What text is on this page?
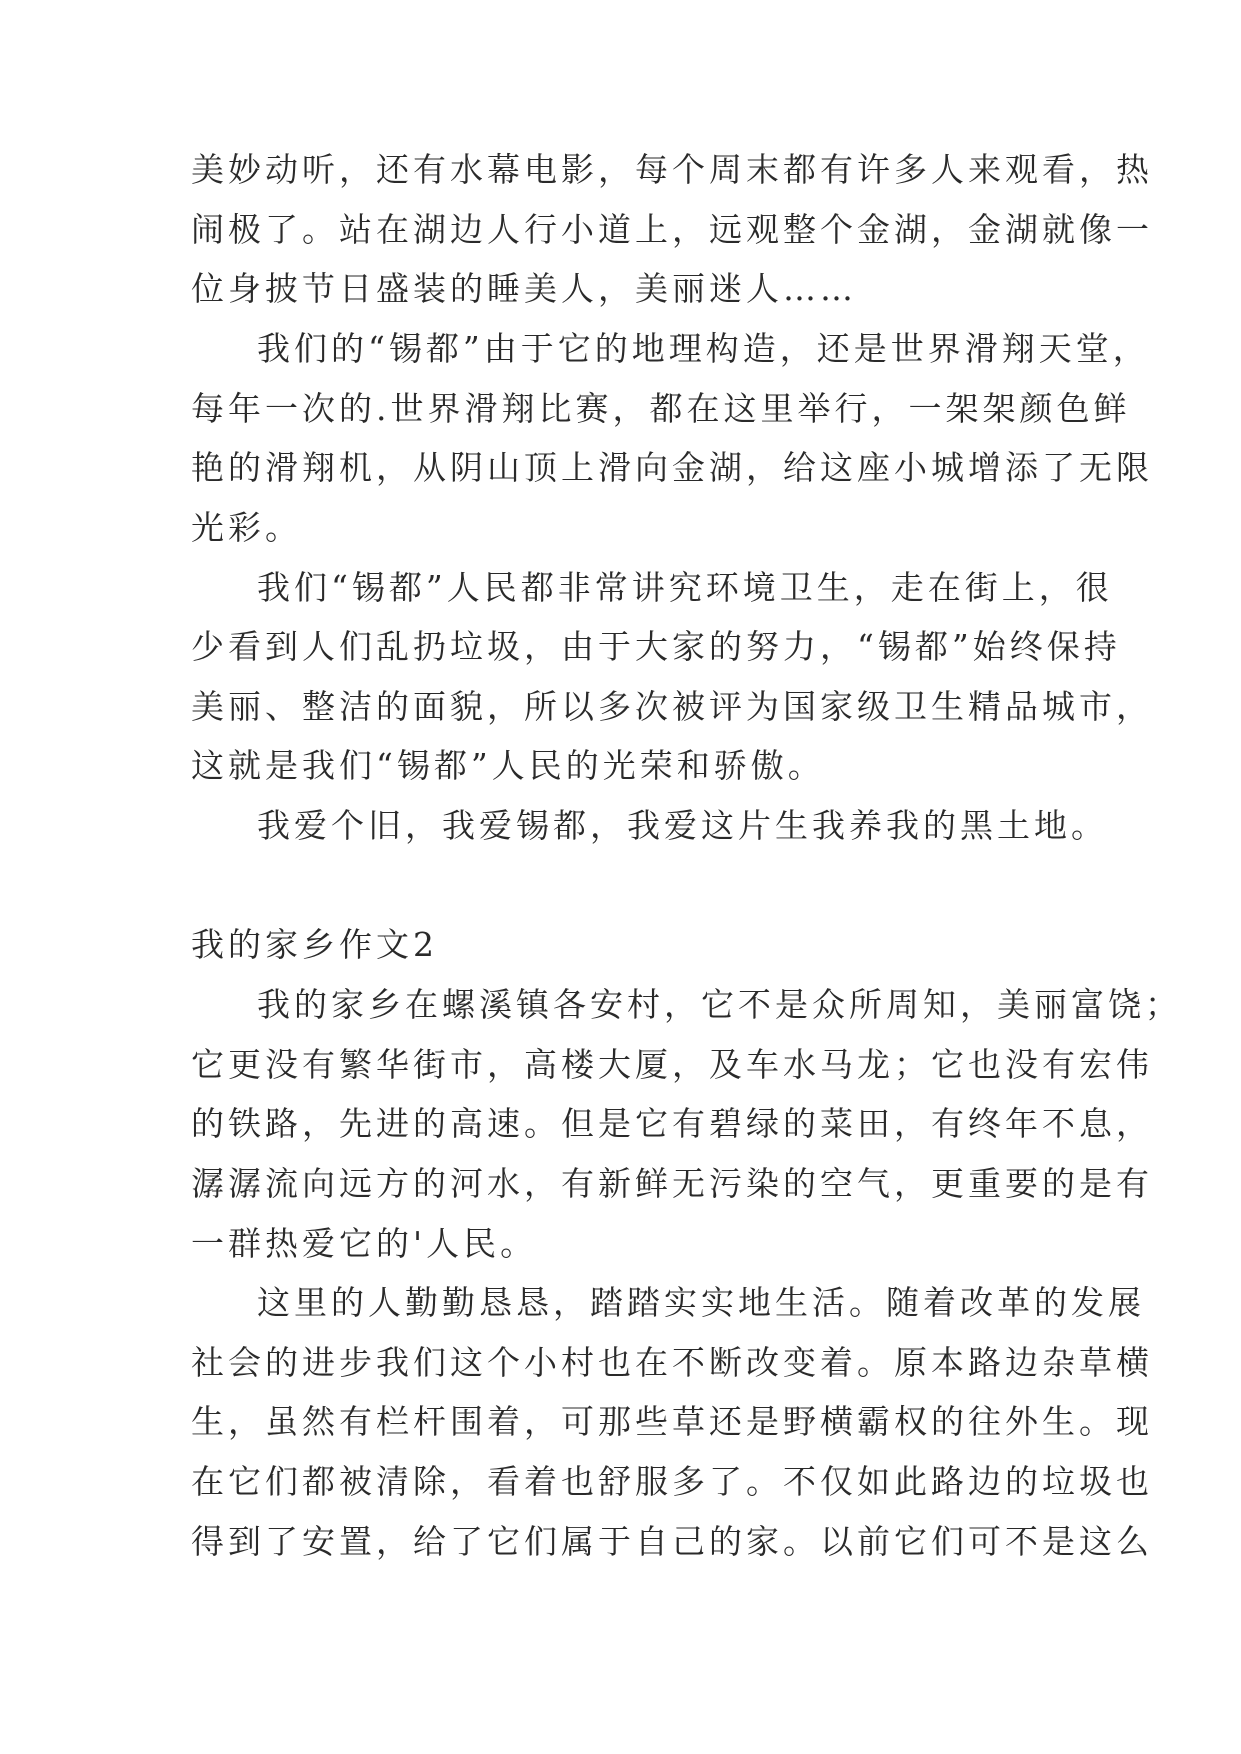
美妙动听，还有水幕电影，每个周末都有许多人来观看，热
闹极了。站在湖边人行小道上，远观整个金湖，金湖就像一
位身披节日盛装的睡美人，美丽迷人……
我们的“锡都”由于它的地理构造，还是世界滑翔天堂，
每年一次的.世界滑翔比赛，都在这里举行，一架架颜色鲜
艳的滑翔机，从阴山顶上滑向金湖，给这座小城增添了无限
光彩。
我们“锡都”人民都非常讲究环境卫生，走在街上，很
少看到人们乱扔垃圾，由于大家的努力，“锡都”始终保持
美丽、整洁的面貌，所以多次被评为国家级卫生精品城市，
这就是我们“锡都”人民的光荣和骄傲。
我爱个旧，我爱锡都，我爱这片生我养我的黑土地。
我的家乡作文2
我的家乡在螺溪镇各安村，它不是众所周知，美丽富饶；
它更没有繁华街市，高楼大厦，及车水马龙；它也没有宏伟
的铁路，先进的高速。但是它有碧绿的菜田，有终年不息，
潺潺流向远方的河水，有新鲜无污染的空气，更重要的是有
一群热爱它的'人民。
这里的人勤勤恳恳，踏踏实实地生活。随着改革的发展
社会的进步我们这个小村也在不断改变着。原本路边杂草横
生，虽然有栏杆围着，可那些草还是野横霸权的往外生。现
在它们都被清除，看着也舒服多了。不仅如此路边的垃圾也
得到了安置，给了它们属于自己的家。以前它们可不是这么
